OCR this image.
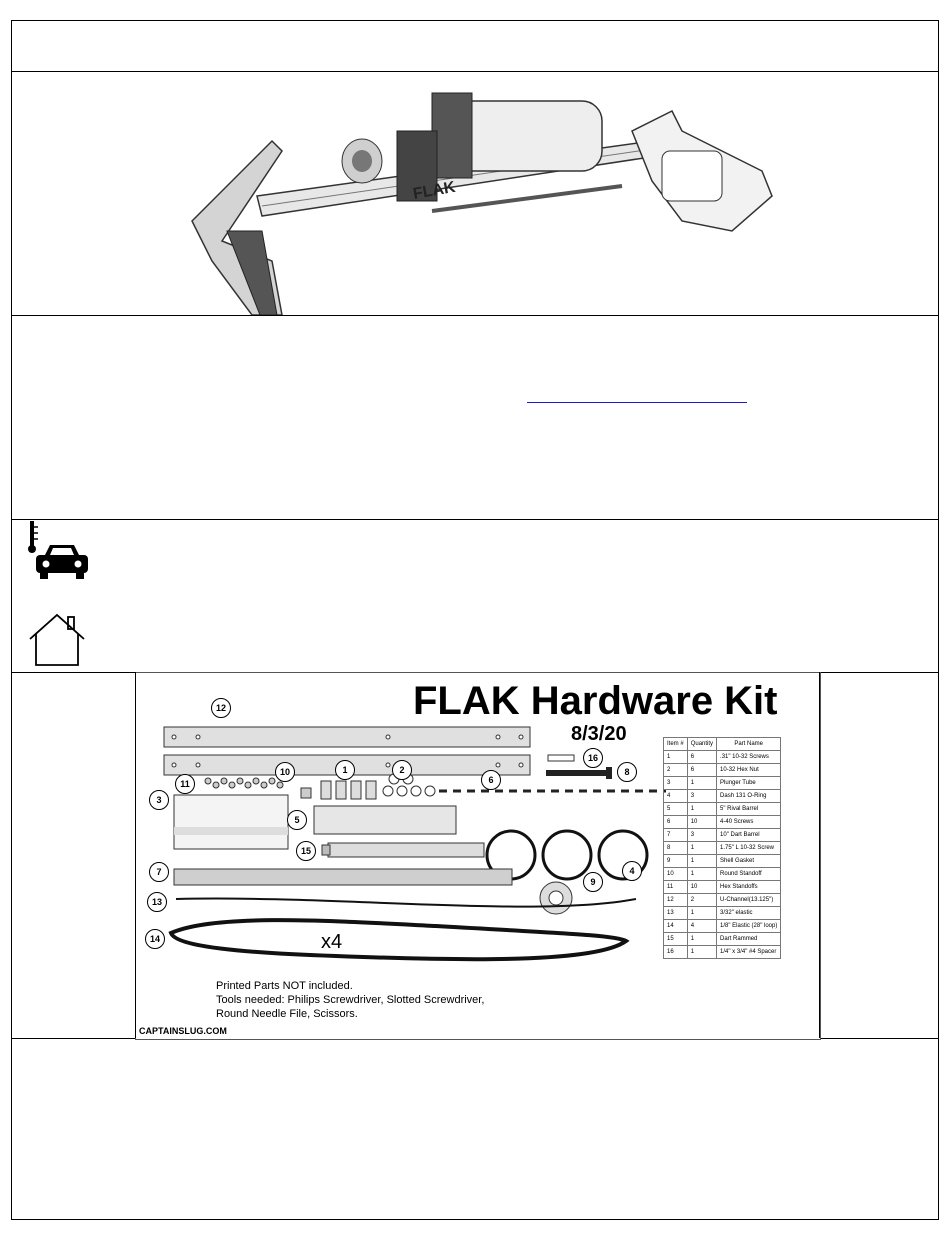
FLAK
FLAK Hardware Kit
8/3/20
12
11
10	1	2
16
8
6
3
5
15
4
7
9
13
14	x4
Printed Parts NOT included.
Tools needed: Philips Screwdriver, Slotted Screwdriver,
Round Needle File, Scissors.
CAPTAINSLUG.COM
Item #	Quantity	Part Name
1	6	.31" 10-32 Screws
2	6	10-32 Hex Nut
3	1	Plunger Tube
4	3	Dash 131 O-Ring
5	1	5" Rival Barrel
6	10	4-40 Screws
7	3	10" Dart Barrel
8	1	1.75" L 10-32 Screw
9	1	Shell Gasket
10	1	Round Standoff
11	10	Hex Standoffs
12	2	U-Channel(13.125")
13	1	3/32" elastic
14	4	1/8" Elastic (28" loop)
15	1	Dart Rammed
16	1	1/4" x 3/4" #4 Spacer
